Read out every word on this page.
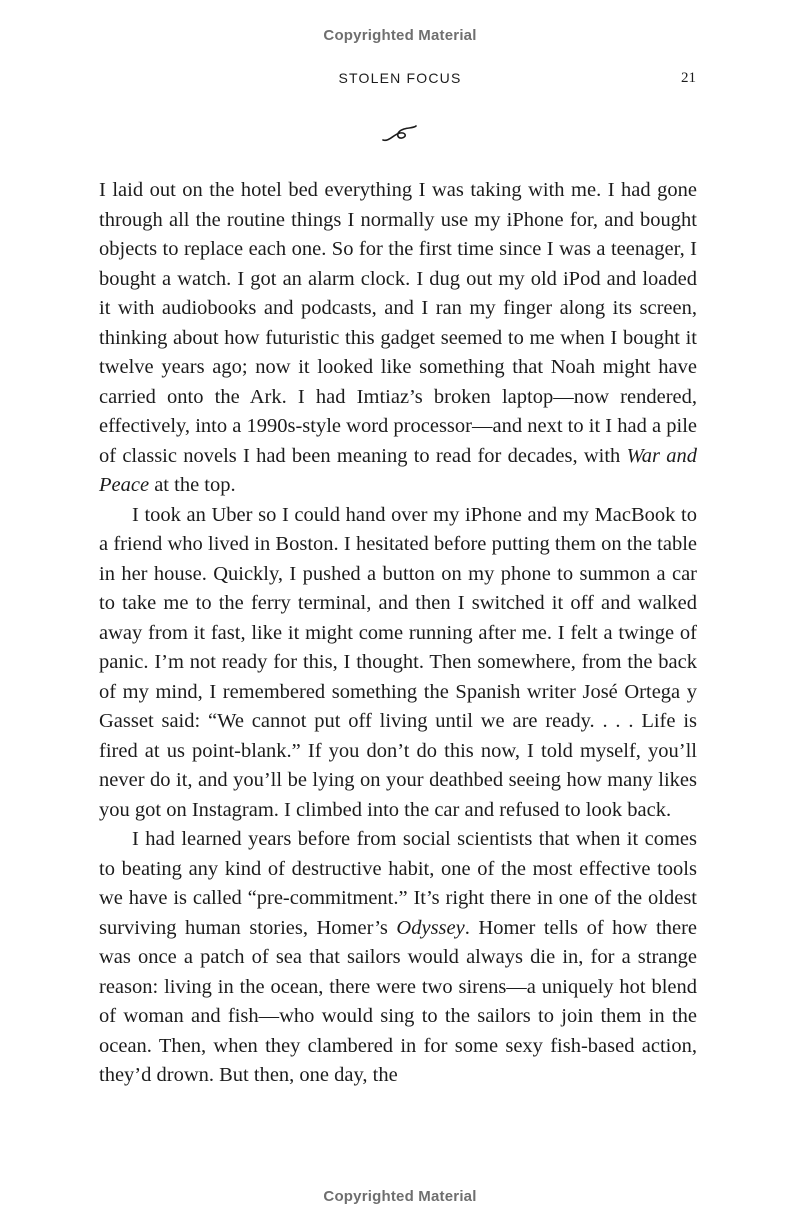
Copyrighted Material
STOLEN FOCUS	21

I laid out on the hotel bed everything I was taking with me. I had gone through all the routine things I normally use my iPhone for, and bought objects to replace each one. So for the first time since I was a teenager, I bought a watch. I got an alarm clock. I dug out my old iPod and loaded it with audiobooks and podcasts, and I ran my finger along its screen, thinking about how futuristic this gadget seemed to me when I bought it twelve years ago; now it looked like something that Noah might have carried onto the Ark. I had Imtiaz’s broken laptop—now rendered, effectively, into a 1990s-style word processor—and next to it I had a pile of classic novels I had been meaning to read for decades, with War and Peace at the top.

I took an Uber so I could hand over my iPhone and my MacBook to a friend who lived in Boston. I hesitated before putting them on the table in her house. Quickly, I pushed a button on my phone to summon a car to take me to the ferry terminal, and then I switched it off and walked away from it fast, like it might come running after me. I felt a twinge of panic. I’m not ready for this, I thought. Then somewhere, from the back of my mind, I remembered something the Spanish writer José Ortega y Gasset said: “We cannot put off living until we are ready. . . . Life is fired at us point-blank.” If you don’t do this now, I told myself, you’ll never do it, and you’ll be lying on your deathbed seeing how many likes you got on Instagram. I climbed into the car and refused to look back.

I had learned years before from social scientists that when it comes to beating any kind of destructive habit, one of the most effective tools we have is called “pre-commitment.” It’s right there in one of the oldest surviving human stories, Homer’s Odyssey. Homer tells of how there was once a patch of sea that sailors would always die in, for a strange reason: living in the ocean, there were two sirens—a uniquely hot blend of woman and fish—who would sing to the sailors to join them in the ocean. Then, when they clambered in for some sexy fish-based action, they’d drown. But then, one day, the

Copyrighted Material
